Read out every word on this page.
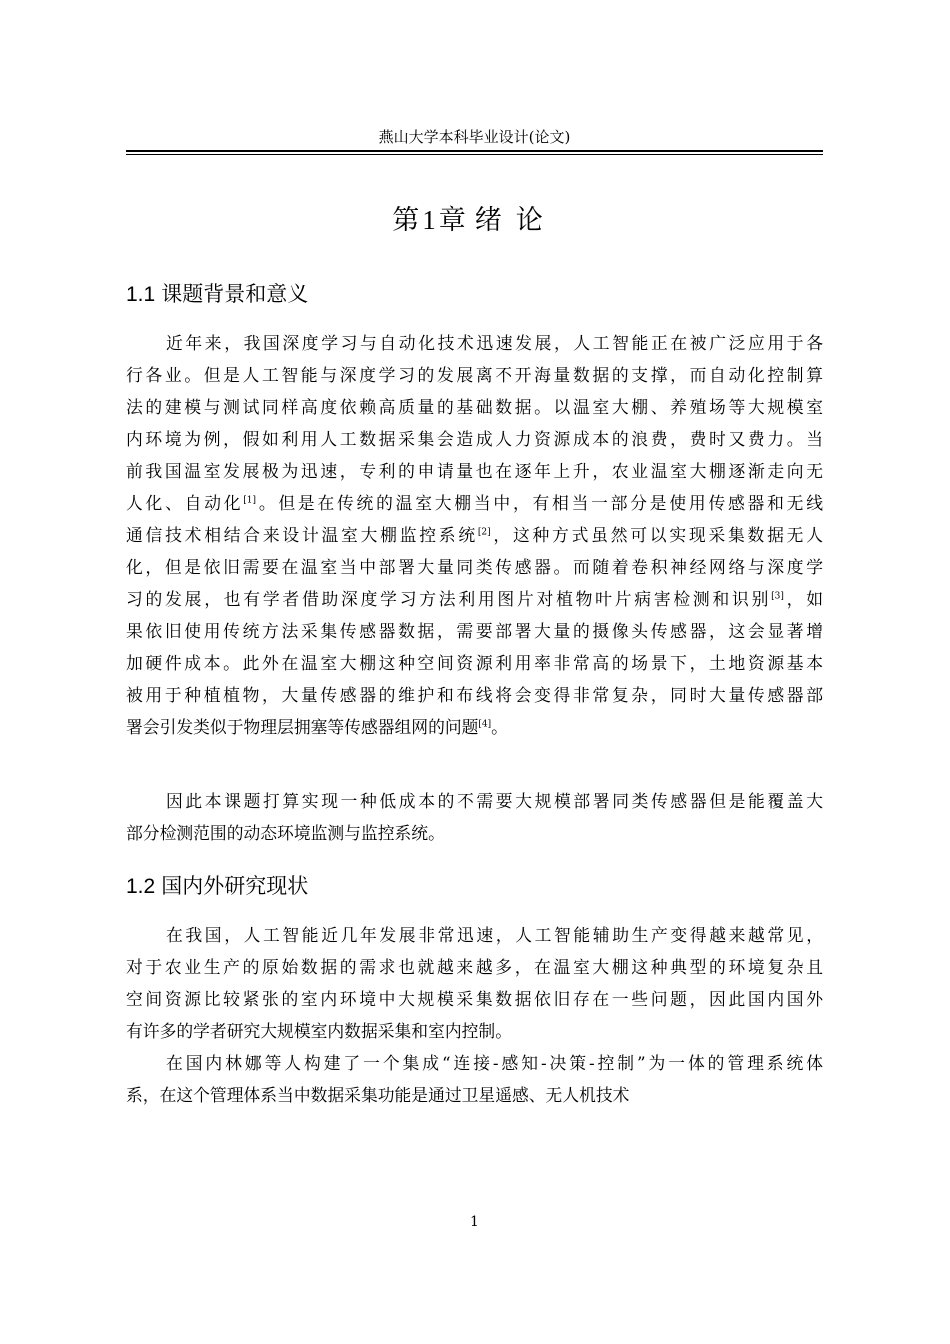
燕山大学本科毕业设计(论文)
第1章 绪论
1.1 课题背景和意义
近年来，我国深度学习与自动化技术迅速发展，人工智能正在被广泛应用于各
行各业。但是人工智能与深度学习的发展离不开海量数据的支撑，而自动化控制算
法的建模与测试同样高度依赖高质量的基础数据。以温室大棚、养殖场等大规模室
内环境为例，假如利用人工数据采集会造成人力资源成本的浪费，费时又费力。当
前我国温室发展极为迅速，专利的申请量也在逐年上升，农业温室大棚逐渐走向无
人化、自动化[1]。但是在传统的温室大棚当中，有相当一部分是使用传感器和无线
通信技术相结合来设计温室大棚监控系统[2]，这种方式虽然可以实现采集数据无人
化，但是依旧需要在温室当中部署大量同类传感器。而随着卷积神经网络与深度学
习的发展，也有学者借助深度学习方法利用图片对植物叶片病害检测和识别[3]，如
果依旧使用传统方法采集传感器数据，需要部署大量的摄像头传感器，这会显著增
加硬件成本。此外在温室大棚这种空间资源利用率非常高的场景下，土地资源基本
被用于种植植物，大量传感器的维护和布线将会变得非常复杂，同时大量传感器部
署会引发类似于物理层拥塞等传感器组网的问题[4]。
因此本课题打算实现一种低成本的不需要大规模部署同类传感器但是能覆盖大
部分检测范围的动态环境监测与监控系统。
1.2 国内外研究现状
在我国，人工智能近几年发展非常迅速，人工智能辅助生产变得越来越常见，
对于农业生产的原始数据的需求也就越来越多，在温室大棚这种典型的环境复杂且
空间资源比较紧张的室内环境中大规模采集数据依旧存在一些问题，因此国内国外
有许多的学者研究大规模室内数据采集和室内控制。
在国内林娜等人构建了一个集成“连接-感知-决策-控制”为一体的管理系统体
系，在这个管理体系当中数据采集功能是通过卫星遥感、无人机技术
1
